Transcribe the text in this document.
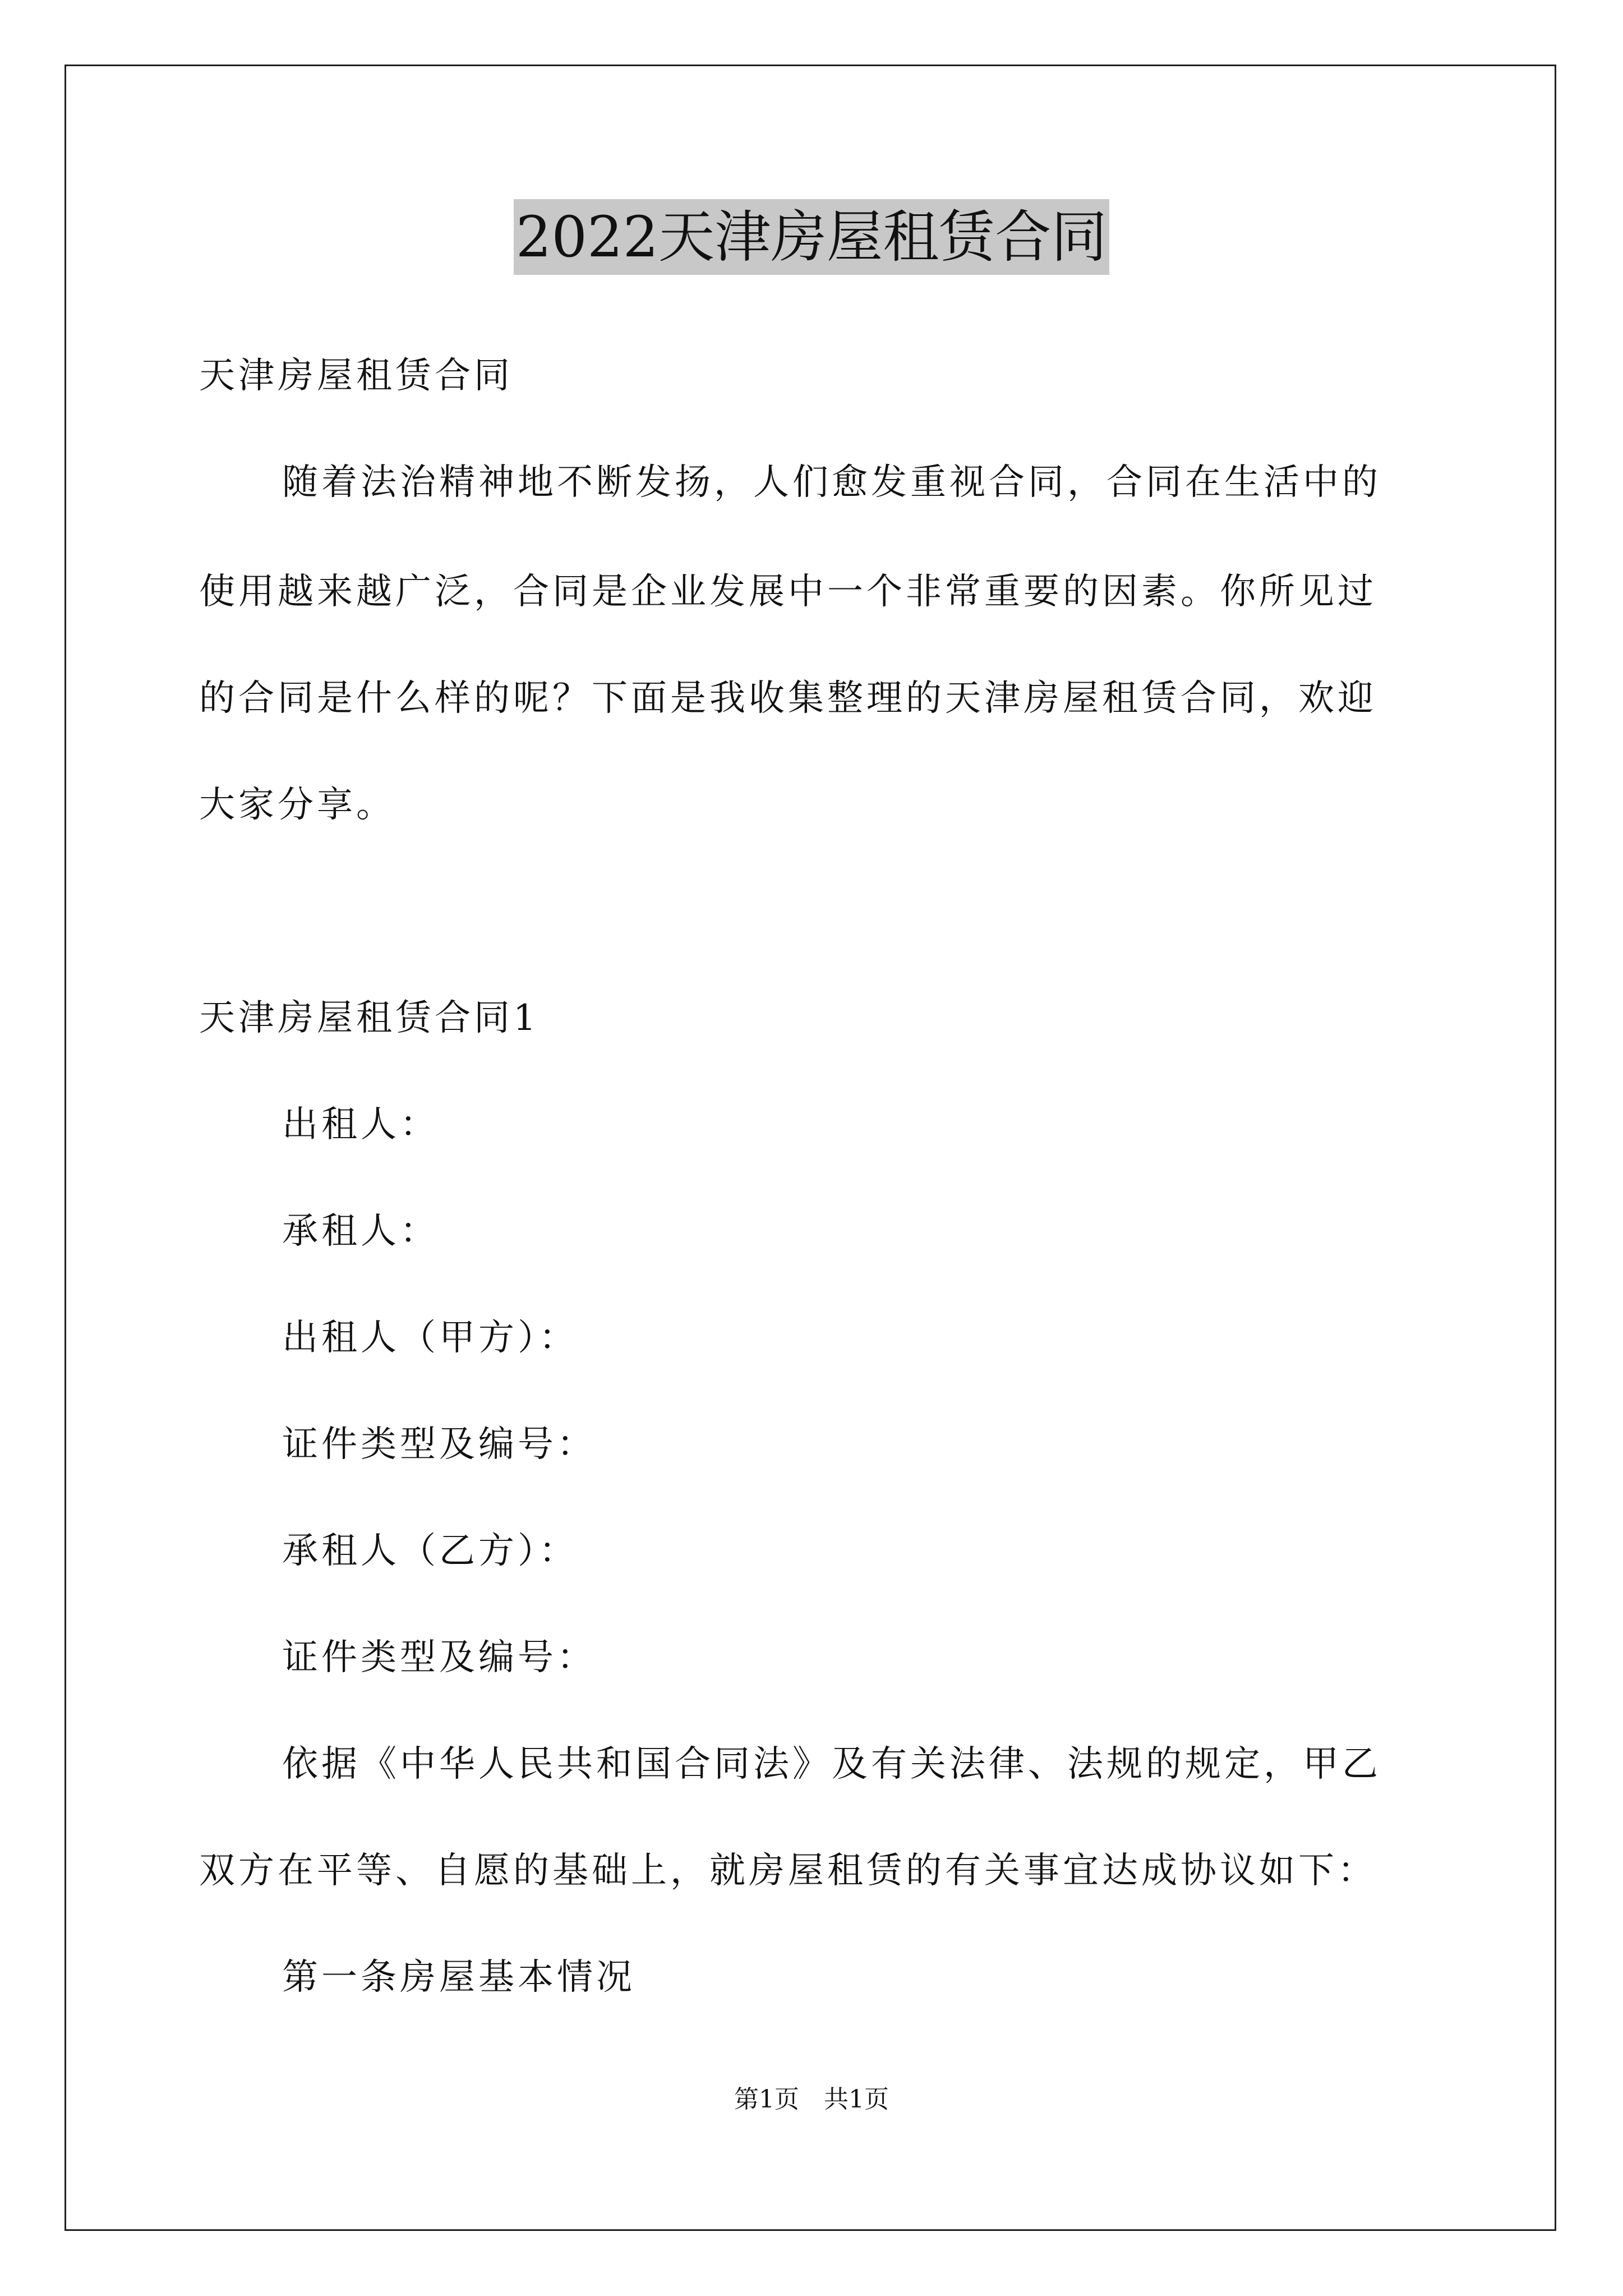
2022天津房屋租赁合同
天津房屋租赁合同
随着法治精神地不断发扬，人们愈发重视合同，合同在生活中的
使用越来越广泛，合同是企业发展中一个非常重要的因素。你所见过
的合同是什么样的呢？下面是我收集整理的天津房屋租赁合同，欢迎
大家分享。
天津房屋租赁合同1
出租人：
承租人：
出租人（甲方）：
证件类型及编号：
承租人（乙方）：
证件类型及编号：
依据《中华人民共和国合同法》及有关法律、法规的规定，甲乙
双方在平等、自愿的基础上，就房屋租赁的有关事宜达成协议如下：
第一条房屋基本情况
第1页　共1页
